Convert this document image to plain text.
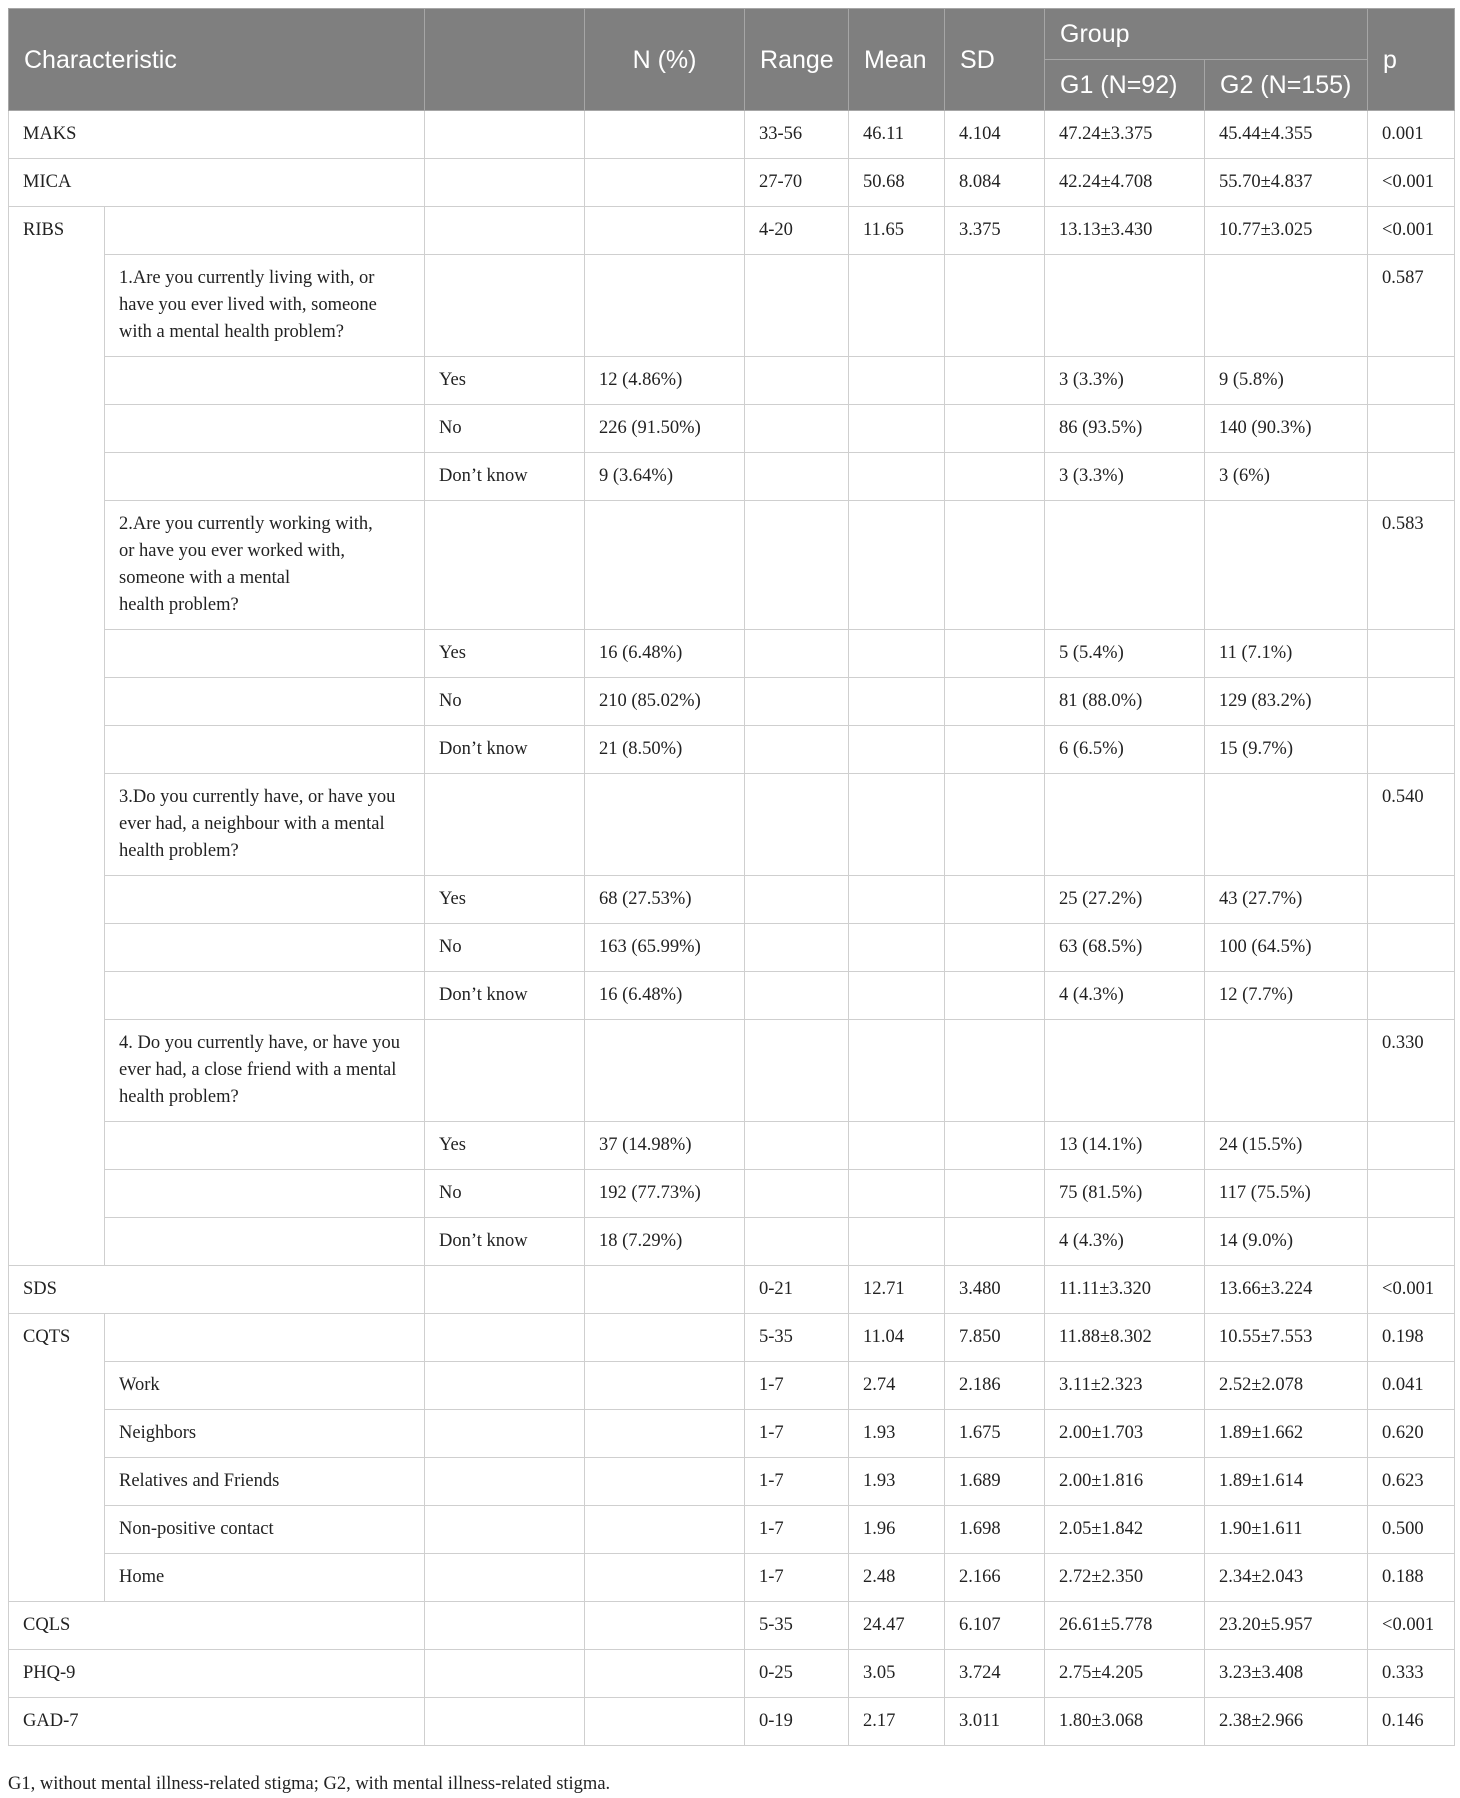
Characteristic			N (%)	Range	Mean	SD	Group		p
							G1 (N=92)	G2 (N=155)	
MAKS				33-56	46.11	4.104	47.24±3.375	45.44±4.355	0.001
MICA				27-70	50.68	8.084	42.24±4.708	55.70±4.837	<0.001
RIBS				4-20	11.65	3.375	13.13±3.430	10.77±3.025	<0.001
	1.Are you currently living with, or have you ever lived with, someone with a mental health problem?								0.587
		Yes	12 (4.86%)				3 (3.3%)	9 (5.8%)	
		No	226 (91.50%)				86 (93.5%)	140 (90.3%)	
		Don’t know	9 (3.64%)				3 (3.3%)	3 (6%)	
	2.Are you currently working with,
or have you ever worked with,
someone with a mental
health problem?								0.583
		Yes	16 (6.48%)				5 (5.4%)	11 (7.1%)	
		No	210 (85.02%)				81 (88.0%)	129 (83.2%)	
		Don’t know	21 (8.50%)				6 (6.5%)	15 (9.7%)	
	3.Do you currently have, or have you ever had, a neighbour with a mental health problem?								0.540
		Yes	68 (27.53%)				25 (27.2%)	43 (27.7%)	
		No	163 (65.99%)				63 (68.5%)	100 (64.5%)	
		Don’t know	16 (6.48%)				4 (4.3%)	12 (7.7%)	
	4. Do you currently have, or have you ever had, a close friend with a mental health problem?								0.330
		Yes	37 (14.98%)				13 (14.1%)	24 (15.5%)	
		No	192 (77.73%)				75 (81.5%)	117 (75.5%)	
		Don’t know	18 (7.29%)				4 (4.3%)	14 (9.0%)	
SDS				0-21	12.71	3.480	11.11±3.320	13.66±3.224	<0.001
CQTS				5-35	11.04	7.850	11.88±8.302	10.55±7.553	0.198
	Work			1-7	2.74	2.186	3.11±2.323	2.52±2.078	0.041
	Neighbors			1-7	1.93	1.675	2.00±1.703	1.89±1.662	0.620
	Relatives and Friends			1-7	1.93	1.689	2.00±1.816	1.89±1.614	0.623
	Non-positive contact			1-7	1.96	1.698	2.05±1.842	1.90±1.611	0.500
	Home			1-7	2.48	2.166	2.72±2.350	2.34±2.043	0.188
CQLS				5-35	24.47	6.107	26.61±5.778	23.20±5.957	<0.001
PHQ-9				0-25	3.05	3.724	2.75±4.205	3.23±3.408	0.333
GAD-7				0-19	2.17	3.011	1.80±3.068	2.38±2.966	0.146
G1, without mental illness-related stigma; G2, with mental illness-related stigma.
